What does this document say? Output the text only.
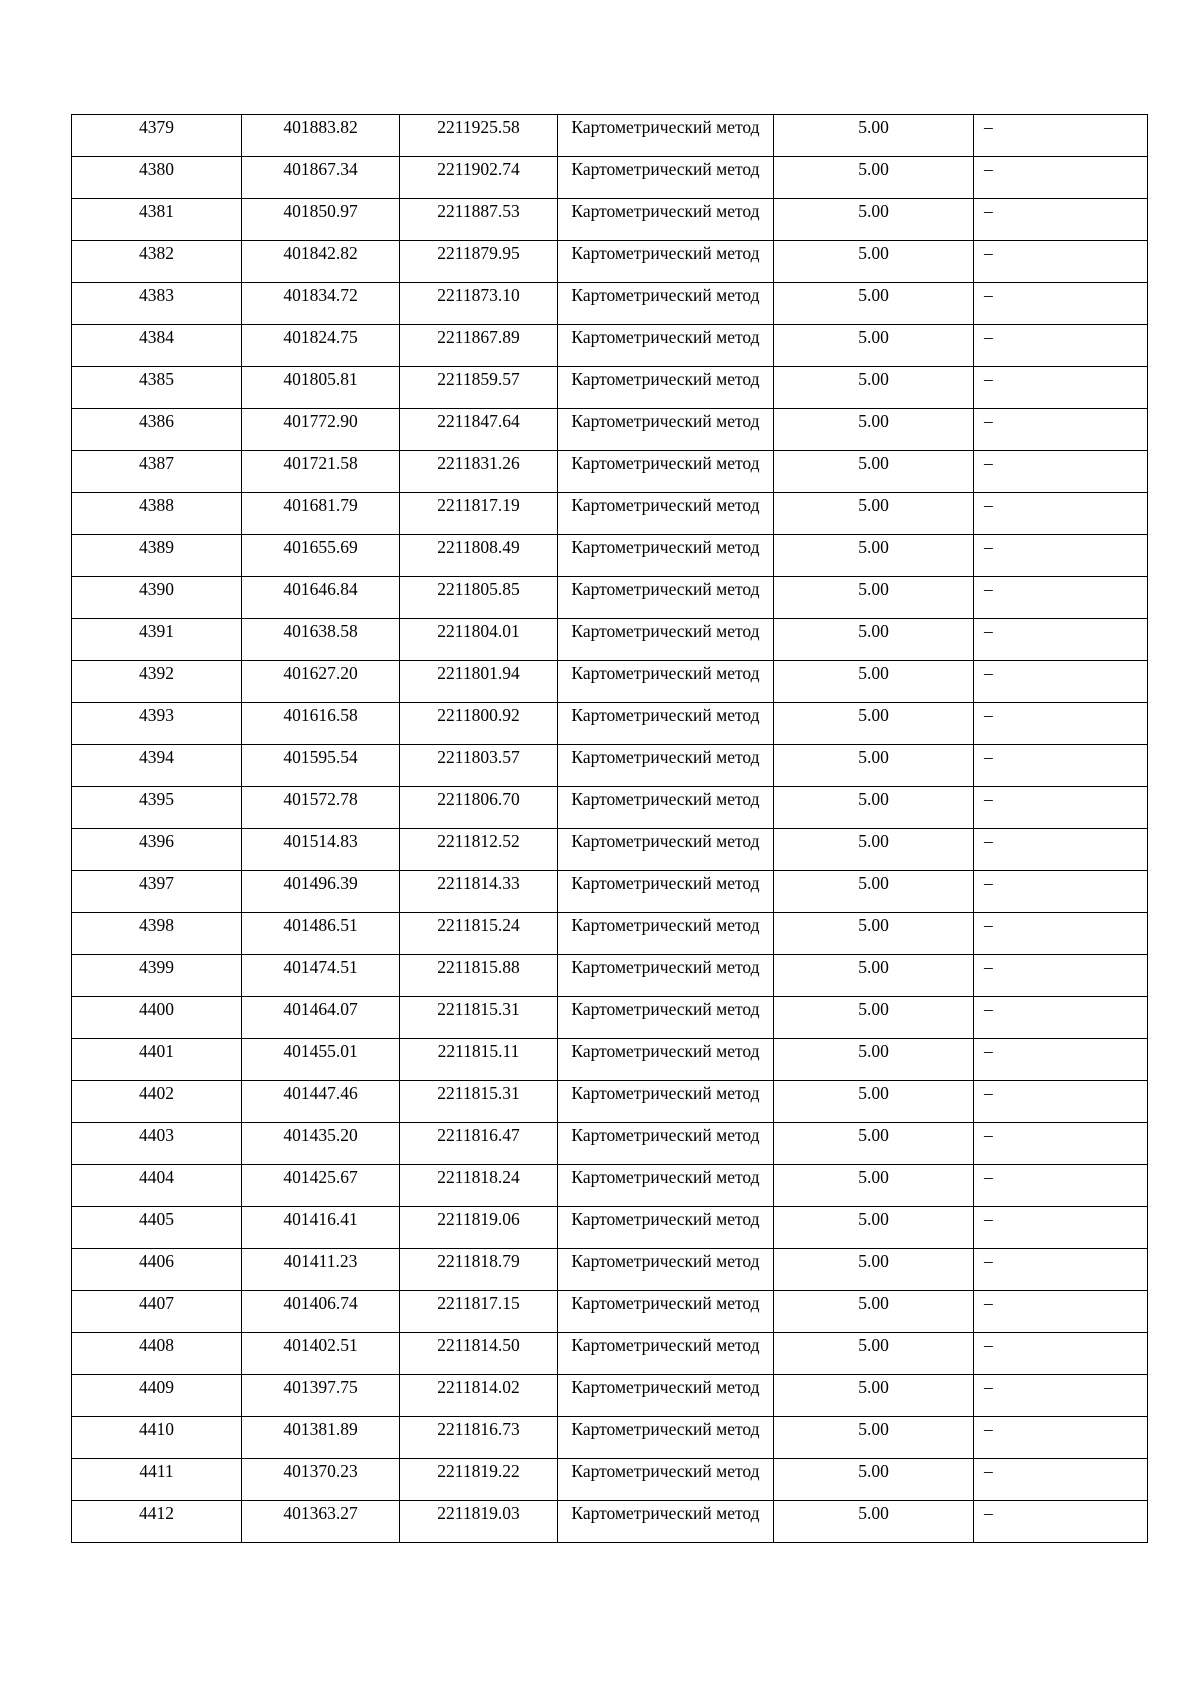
4379	401883.82	2211925.58	Картометрический метод	5.00	–

4380	401867.34	2211902.74	Картометрический метод	5.00	–

4381	401850.97	2211887.53	Картометрический метод	5.00	–

4382	401842.82	2211879.95	Картометрический метод	5.00	–

4383	401834.72	2211873.10	Картометрический метод	5.00	–

4384	401824.75	2211867.89	Картометрический метод	5.00	–

4385	401805.81	2211859.57	Картометрический метод	5.00	–

4386	401772.90	2211847.64	Картометрический метод	5.00	–

4387	401721.58	2211831.26	Картометрический метод	5.00	–

4388	401681.79	2211817.19	Картометрический метод	5.00	–

4389	401655.69	2211808.49	Картометрический метод	5.00	–

4390	401646.84	2211805.85	Картометрический метод	5.00	–

4391	401638.58	2211804.01	Картометрический метод	5.00	–

4392	401627.20	2211801.94	Картометрический метод	5.00	–

4393	401616.58	2211800.92	Картометрический метод	5.00	–

4394	401595.54	2211803.57	Картометрический метод	5.00	–

4395	401572.78	2211806.70	Картометрический метод	5.00	–

4396	401514.83	2211812.52	Картометрический метод	5.00	–

4397	401496.39	2211814.33	Картометрический метод	5.00	–

4398	401486.51	2211815.24	Картометрический метод	5.00	–

4399	401474.51	2211815.88	Картометрический метод	5.00	–

4400	401464.07	2211815.31	Картометрический метод	5.00	–

4401	401455.01	2211815.11	Картометрический метод	5.00	–

4402	401447.46	2211815.31	Картометрический метод	5.00	–

4403	401435.20	2211816.47	Картометрический метод	5.00	–

4404	401425.67	2211818.24	Картометрический метод	5.00	–

4405	401416.41	2211819.06	Картометрический метод	5.00	–

4406	401411.23	2211818.79	Картометрический метод	5.00	–

4407	401406.74	2211817.15	Картометрический метод	5.00	–

4408	401402.51	2211814.50	Картометрический метод	5.00	–

4409	401397.75	2211814.02	Картометрический метод	5.00	–

4410	401381.89	2211816.73	Картометрический метод	5.00	–

4411	401370.23	2211819.22	Картометрический метод	5.00	–

4412	401363.27	2211819.03	Картометрический метод	5.00	–
